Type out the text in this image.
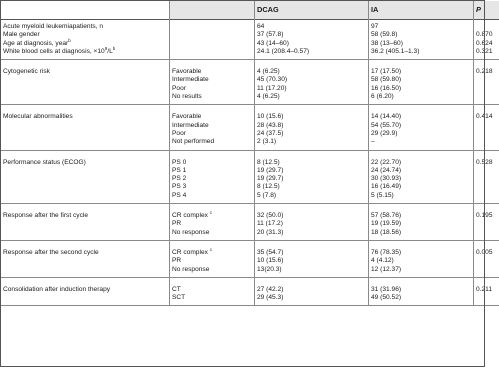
		DCAG	IA	P
Acute myeloid leukemiapatients, n		64	97	
Male gender		37 (57.8)	58 (59.8)	0.870
Age at diagnosis, year$^b$		43 (14–60)	38 (13–60)	0.624
White blood cells at diagnosis, $\times 10^9/L^b$		24.1 (208.4–0.57)	36.2 (405.1–1.3)	0.321

Cytogenetic risk	Favorable	4 (6.25)	17 (17.50)	0.218
	Intermediate	45 (70.30)	58 (59.80)	
	Poor	11 (17.20)	16 (16.50)	
	No results	4 (6.25)	6 (6.20)	

Molecular abnormalities	Favorable	10 (15.6)	14 (14.40)	0.414
	Intermediate	28 (43.8)	54 (55.70)	
	Poor	24 (37.5)	29 (29.9)	
	Not performed	2 (3.1)	–	

Performance status (ECOG)	PS 0	8 (12.5)	22 (22.70)	0.528
	PS 1	19 (29.7)	24 (24.74)	
	PS 2	19 (29.7)	30 (30.93)	
	PS 3	8 (12.5)	16 (16.49)	
	PS 4	5 (7.8)	5 (5.15)	

Response after the first cycle	CR complex $^c$	32 (50.0)	57 (58.76)	0.195
	PR	11 (17.2)	19 (19.59)	
	No response	20 (31.3)	18 (18.56)	

Response after the second cycle	CR complex $^c$	35 (54.7)	76 (78.35)	0.005
	PR	10 (15.6)	4 (4.12)	
	No response	13(20.3)	12 (12.37)	

Consolidation after induction therapy	CT	27 (42.2)	31 (31.96)	0.211
	SCT	29 (45.3)	49 (50.52)	
